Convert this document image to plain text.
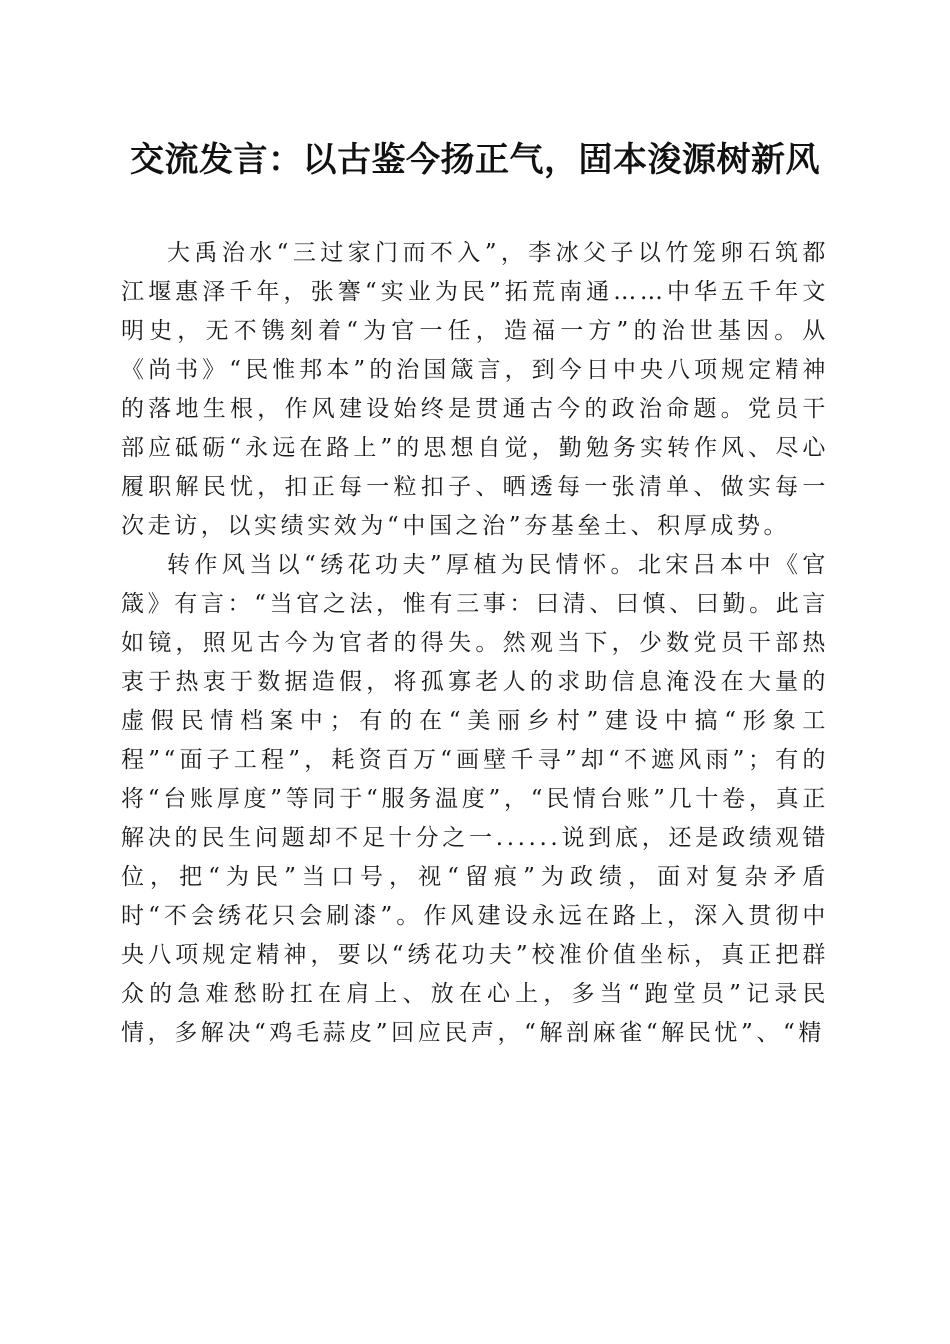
交流发言：以古鉴今扬正气，固本浚源树新风

大禹治水“三过家门而不入”，李冰父子以竹笼卵石筑都江堰惠泽千年，张謇“实业为民”拓荒南通……中华五千年文明史，无不镌刻着“为官一任，造福一方”的治世基因。从《尚书》“民惟邦本”的治国箴言，到今日中央八项规定精神的落地生根，作风建设始终是贯通古今的政治命题。党员干部应砥砺“永远在路上”的思想自觉，勤勉务实转作风、尽心履职解民忧，扣正每一粒扣子、晒透每一张清单、做实每一次走访，以实绩实效为“中国之治”夯基垒土、积厚成势。

转作风当以“绣花功夫”厚植为民情怀。北宋吕本中《官箴》有言：“当官之法，惟有三事：曰清、曰慎、曰勤。此言如镜，照见古今为官者的得失。然观当下，少数党员干部热衷于热衷于数据造假，将孤寡老人的求助信息淹没在大量的虚假民情档案中；有的在“美丽乡村”建设中搞“形象工程”“面子工程”，耗资百万“画壁千寻”却“不遮风雨”；有的将“台账厚度”等同于“服务温度”，“民情台账”几十卷，真正解决的民生问题却不足十分之一......说到底，还是政绩观错位，把“为民”当口号，视“留痕”为政绩，面对复杂矛盾时“不会绣花只会刷漆”。作风建设永远在路上，深入贯彻中央八项规定精神，要以“绣花功夫”校准价值坐标，真正把群众的急难愁盼扛在肩上、放在心上，多当“跑堂员”记录民情，多解决“鸡毛蒜皮”回应民声，“解剖麻雀“解民忧”、“精
